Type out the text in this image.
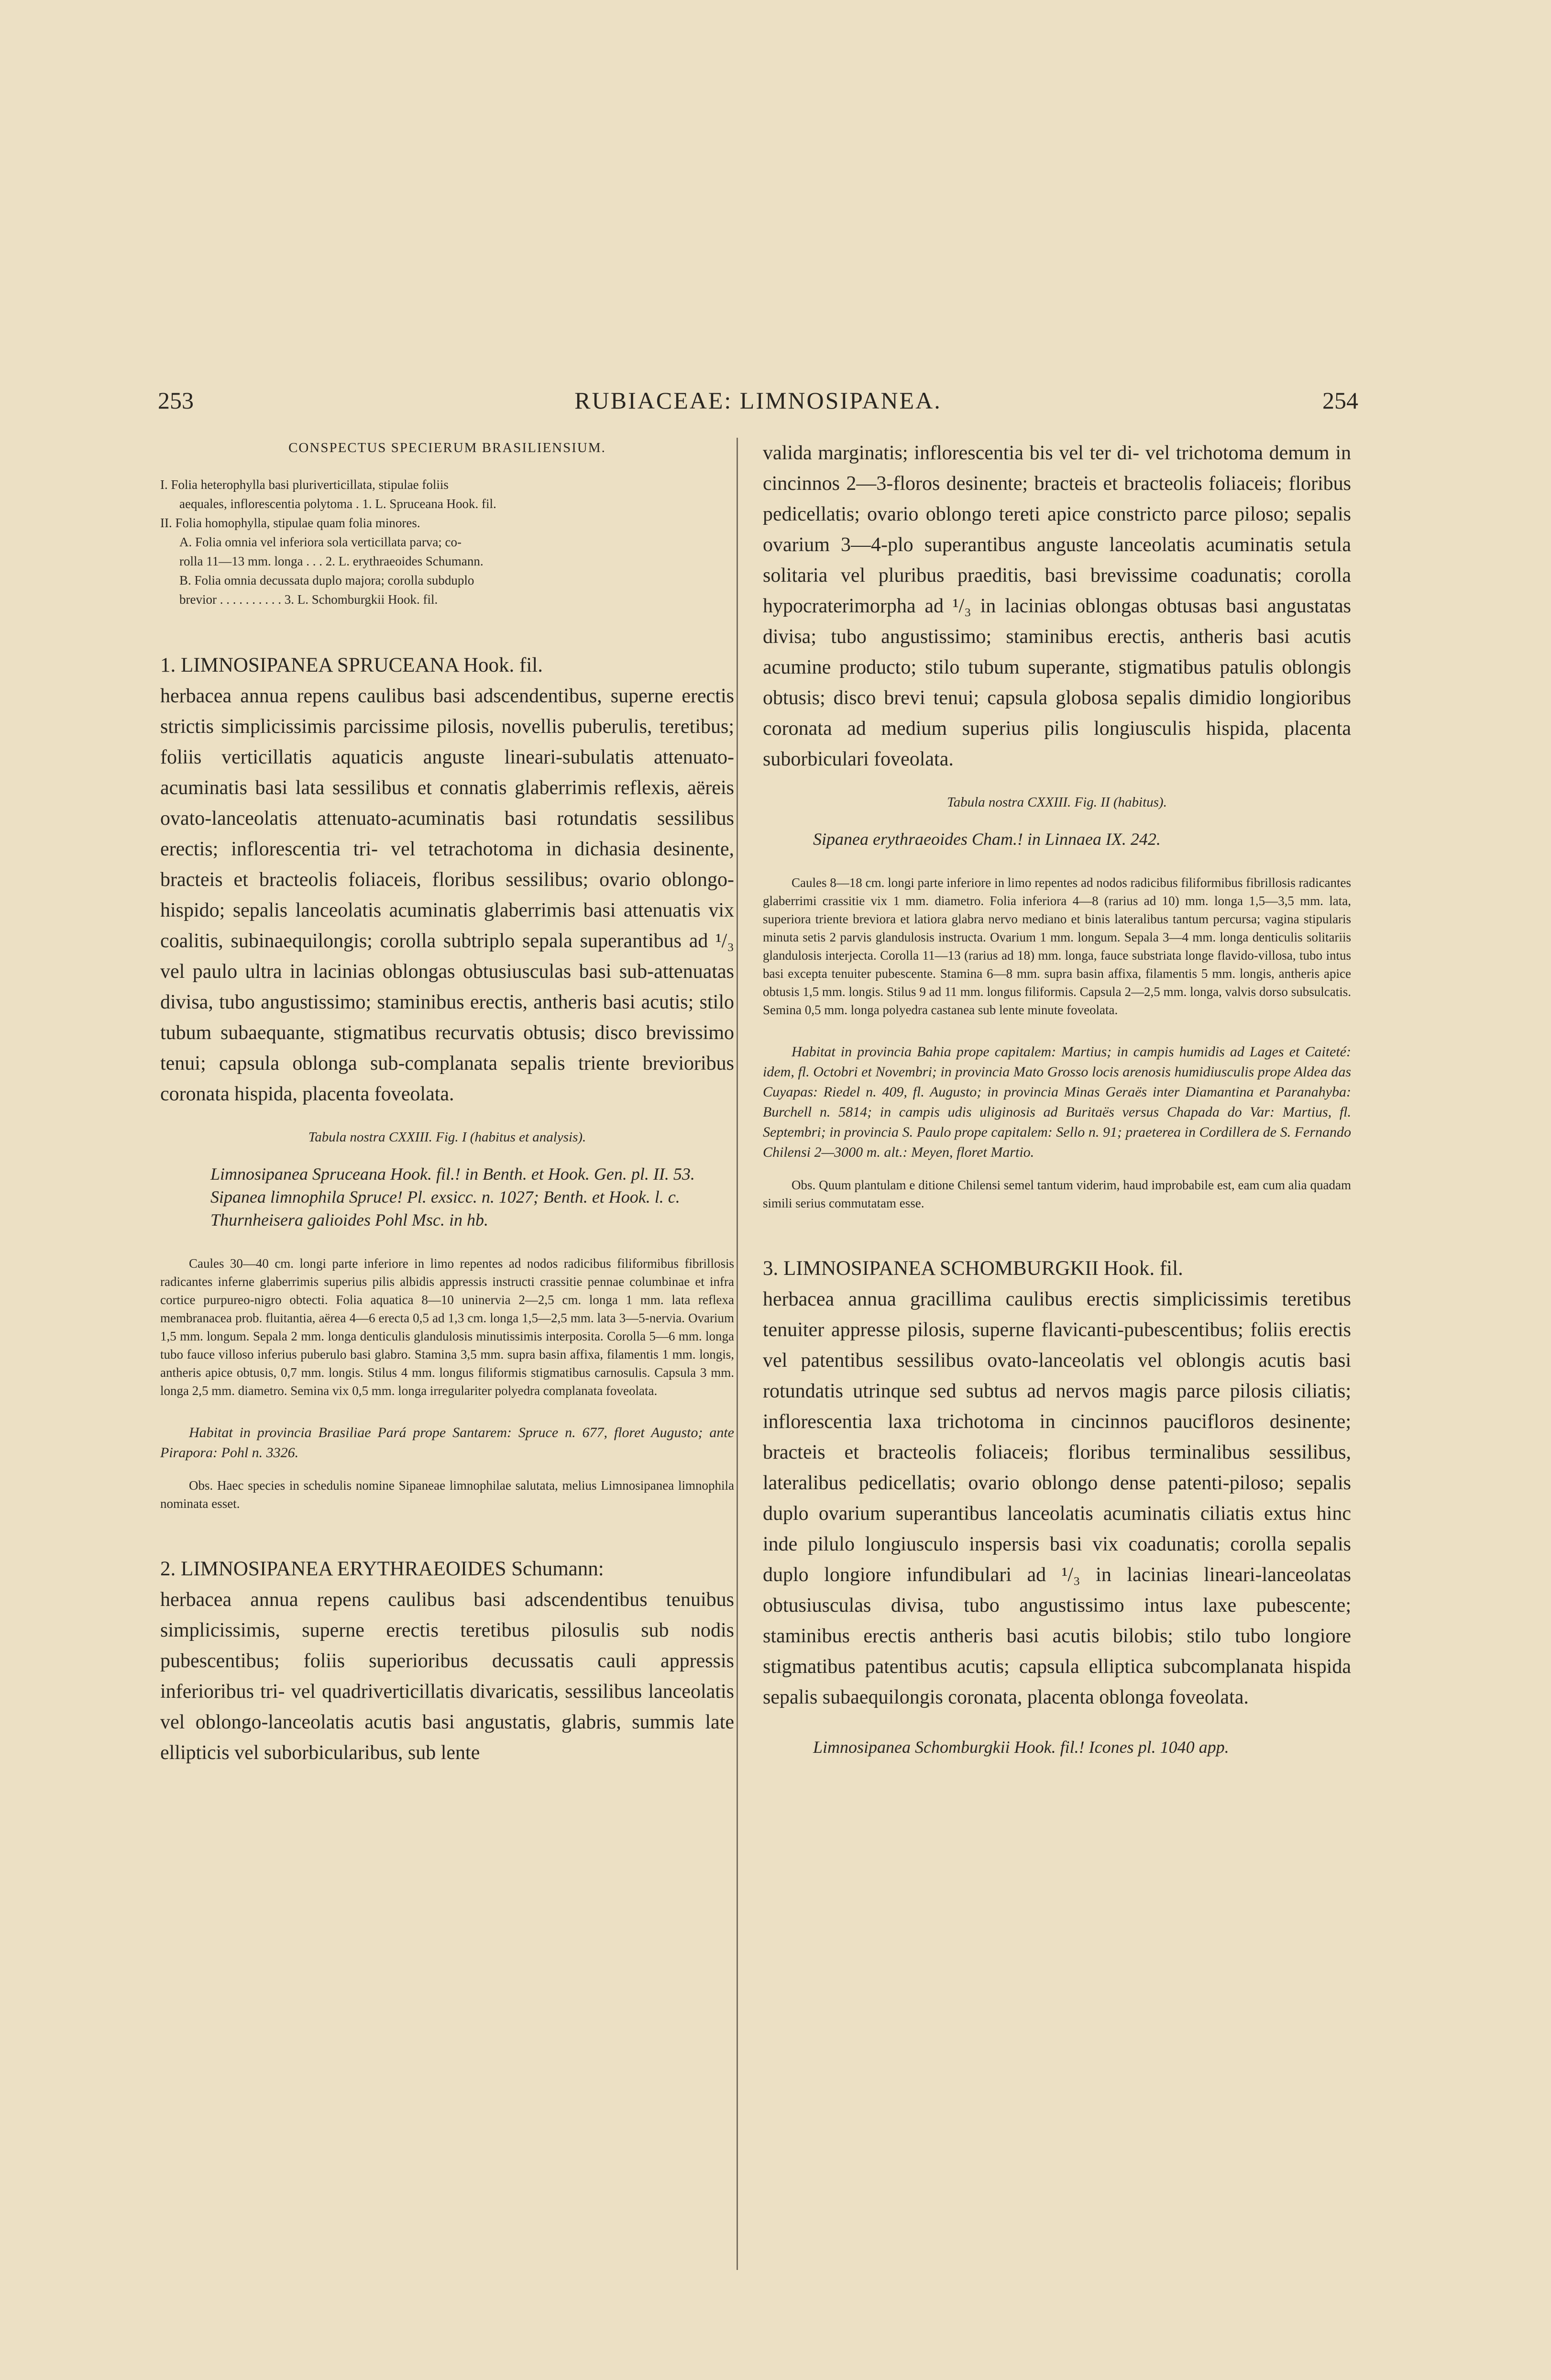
253	RUBIACEAE: LIMNOSIPANEA.	254
CONSPECTUS SPECIERUM BRASILIENSIUM.

I. Folia heterophylla basi pluriverticillata, stipulae foliis

aequales, inflorescentia polytoma . 1. L. Spruceana Hook. fil.

II. Folia homophylla, stipulae quam folia minores.

A. Folia omnia vel inferiora sola verticillata parva; co-

rolla 11—13 mm. longa . . . 2. L. erythraeoides Schumann.

B. Folia omnia decussata duplo majora; corolla subduplo

brevior . . . . . . . . . . 3. L. Schomburgkii Hook. fil.

1. LIMNOSIPANEA SPRUCEANA Hook. fil.

herbacea annua repens caulibus basi adscendentibus, superne erectis strictis simplicissimis parcissime pilosis, novellis puberulis, teretibus; foliis verticillatis aquaticis anguste lineari-subulatis attenuato-acuminatis basi lata sessilibus et connatis glaberrimis reflexis, aëreis ovato-lanceolatis attenuato-acuminatis basi rotundatis sessilibus erectis; inflorescentia tri- vel tetrachotoma in dichasia desinente, bracteis et bracteolis foliaceis, floribus sessilibus; ovario oblongo-hispido; sepalis lanceolatis acuminatis glaberrimis basi attenuatis vix coalitis, subinaequilongis; corolla subtriplo sepala superantibus ad ¹/₃ vel paulo ultra in lacinias oblongas obtusiusculas basi sub-attenuatas divisa, tubo angustissimo; staminibus erectis, antheris basi acutis; stilo tubum subaequante, stigmatibus recurvatis obtusis; disco brevissimo tenui; capsula oblonga sub-complanata sepalis triente brevioribus coronata hispida, placenta foveolata.

Tabula nostra CXXIII. Fig. I (habitus et analysis).

Limnosipanea Spruceana Hook. fil.! in Benth. et Hook. Gen. pl. II. 53.

Sipanea limnophila Spruce! Pl. exsicc. n. 1027; Benth. et Hook. l. c.

Thurnheisera galioides Pohl Msc. in hb.

Caules 30—40 cm. longi parte inferiore in limo repentes ad nodos radicibus filiformibus fibrillosis radicantes inferne glaberrimis superius pilis albidis appressis instructi crassitie pennae columbinae et infra cortice purpureo-nigro obtecti. Folia aquatica 8—10 uninervia 2—2,5 cm. longa 1 mm. lata reflexa membranacea prob. fluitantia, aërea 4—6 erecta 0,5 ad 1,3 cm. longa 1,5—2,5 mm. lata 3—5-nervia. Ovarium 1,5 mm. longum. Sepala 2 mm. longa denticulis glandulosis minutissimis interposita. Corolla 5—6 mm. longa tubo fauce villoso inferius puberulo basi glabro. Stamina 3,5 mm. supra basin affixa, filamentis 1 mm. longis, antheris apice obtusis, 0,7 mm. longis. Stilus 4 mm. longus filiformis stigmatibus carnosulis. Capsula 3 mm. longa 2,5 mm. diametro. Semina vix 0,5 mm. longa irregulariter polyedra complanata foveolata.

Habitat in provincia Brasiliae Pará prope Santarem: Spruce n. 677, floret Augusto; ante Pirapora: Pohl n. 3326.

Obs. Haec species in schedulis nomine Sipaneae limnophilae salutata, melius Limnosipanea limnophila nominata esset.

2. LIMNOSIPANEA ERYTHRAEOIDES Schumann:

herbacea annua repens caulibus basi adscendentibus tenuibus simplicissimis, superne erectis teretibus pilosulis sub nodis pubescentibus; foliis superioribus decussatis cauli appressis inferioribus tri- vel quadriverticillatis divaricatis, sessilibus lanceolatis vel oblongo-lanceolatis acutis basi angustatis, glabris, summis late ellipticis vel suborbicularibus, sub lente

valida marginatis; inflorescentia bis vel ter di- vel trichotoma demum in cincinnos 2—3-floros desinente; bracteis et bracteolis foliaceis; floribus pedicellatis; ovario oblongo tereti apice constricto parce piloso; sepalis ovarium 3—4-plo superantibus anguste lanceolatis acuminatis setula solitaria vel pluribus praeditis, basi brevissime coadunatis; corolla hypocraterimorpha ad ¹/₃ in lacinias oblongas obtusas basi angustatas divisa; tubo angustissimo; staminibus erectis, antheris basi acutis acumine producto; stilo tubum superante, stigmatibus patulis oblongis obtusis; disco brevi tenui; capsula globosa sepalis dimidio longioribus coronata ad medium superius pilis longiusculis hispida, placenta suborbiculari foveolata.

Tabula nostra CXXIII. Fig. II (habitus).

Sipanea erythraeoides Cham.! in Linnaea IX. 242.

Caules 8—18 cm. longi parte inferiore in limo repentes ad nodos radicibus filiformibus fibrillosis radicantes glaberrimi crassitie vix 1 mm. diametro. Folia inferiora 4—8 (rarius ad 10) mm. longa 1,5—3,5 mm. lata, superiora triente breviora et latiora glabra nervo mediano et binis lateralibus tantum percursa; vagina stipularis minuta setis 2 parvis glandulosis instructa. Ovarium 1 mm. longum. Sepala 3—4 mm. longa denticulis solitariis glandulosis interjecta. Corolla 11—13 (rarius ad 18) mm. longa, fauce substriata longe flavido-villosa, tubo intus basi excepta tenuiter pubescente. Stamina 6—8 mm. supra basin affixa, filamentis 5 mm. longis, antheris apice obtusis 1,5 mm. longis. Stilus 9 ad 11 mm. longus filiformis. Capsula 2—2,5 mm. longa, valvis dorso subsulcatis. Semina 0,5 mm. longa polyedra castanea sub lente minute foveolata.

Habitat in provincia Bahia prope capitalem: Martius; in campis humidis ad Lages et Caiteté: idem, fl. Octobri et Novembri; in provincia Mato Grosso locis arenosis humidiusculis prope Aldea das Cuyapas: Riedel n. 409, fl. Augusto; in provincia Minas Geraës inter Diamantina et Paranahyba: Burchell n. 5814; in campis udis uliginosis ad Buritaës versus Chapada do Var: Martius, fl. Septembri; in provincia S. Paulo prope capitalem: Sello n. 91; praeterea in Cordillera de S. Fernando Chilensi 2—3000 m. alt.: Meyen, floret Martio.

Obs. Quum plantulam e ditione Chilensi semel tantum viderim, haud improbabile est, eam cum alia quadam simili serius commutatam esse.

3. LIMNOSIPANEA SCHOMBURGKII Hook. fil.

herbacea annua gracillima caulibus erectis simplicissimis teretibus tenuiter appresse pilosis, superne flavicanti-pubescentibus; foliis erectis vel patentibus sessilibus ovato-lanceolatis vel oblongis acutis basi rotundatis utrinque sed subtus ad nervos magis parce pilosis ciliatis; inflorescentia laxa trichotoma in cincinnos paucifloros desinente; bracteis et bracteolis foliaceis; floribus terminalibus sessilibus, lateralibus pedicellatis; ovario oblongo dense patenti-piloso; sepalis duplo ovarium superantibus lanceolatis acuminatis ciliatis extus hinc inde pilulo longiusculo inspersis basi vix coadunatis; corolla sepalis duplo longiore infundibulari ad ¹/₃ in lacinias lineari-lanceolatas obtusiusculas divisa, tubo angustissimo intus laxe pubescente; staminibus erectis antheris basi acutis bilobis; stilo tubo longiore stigmatibus patentibus acutis; capsula elliptica subcomplanata hispida sepalis subaequilongis coronata, placenta oblonga foveolata.

Limnosipanea Schomburgkii Hook. fil.! Icones pl. 1040 app.
